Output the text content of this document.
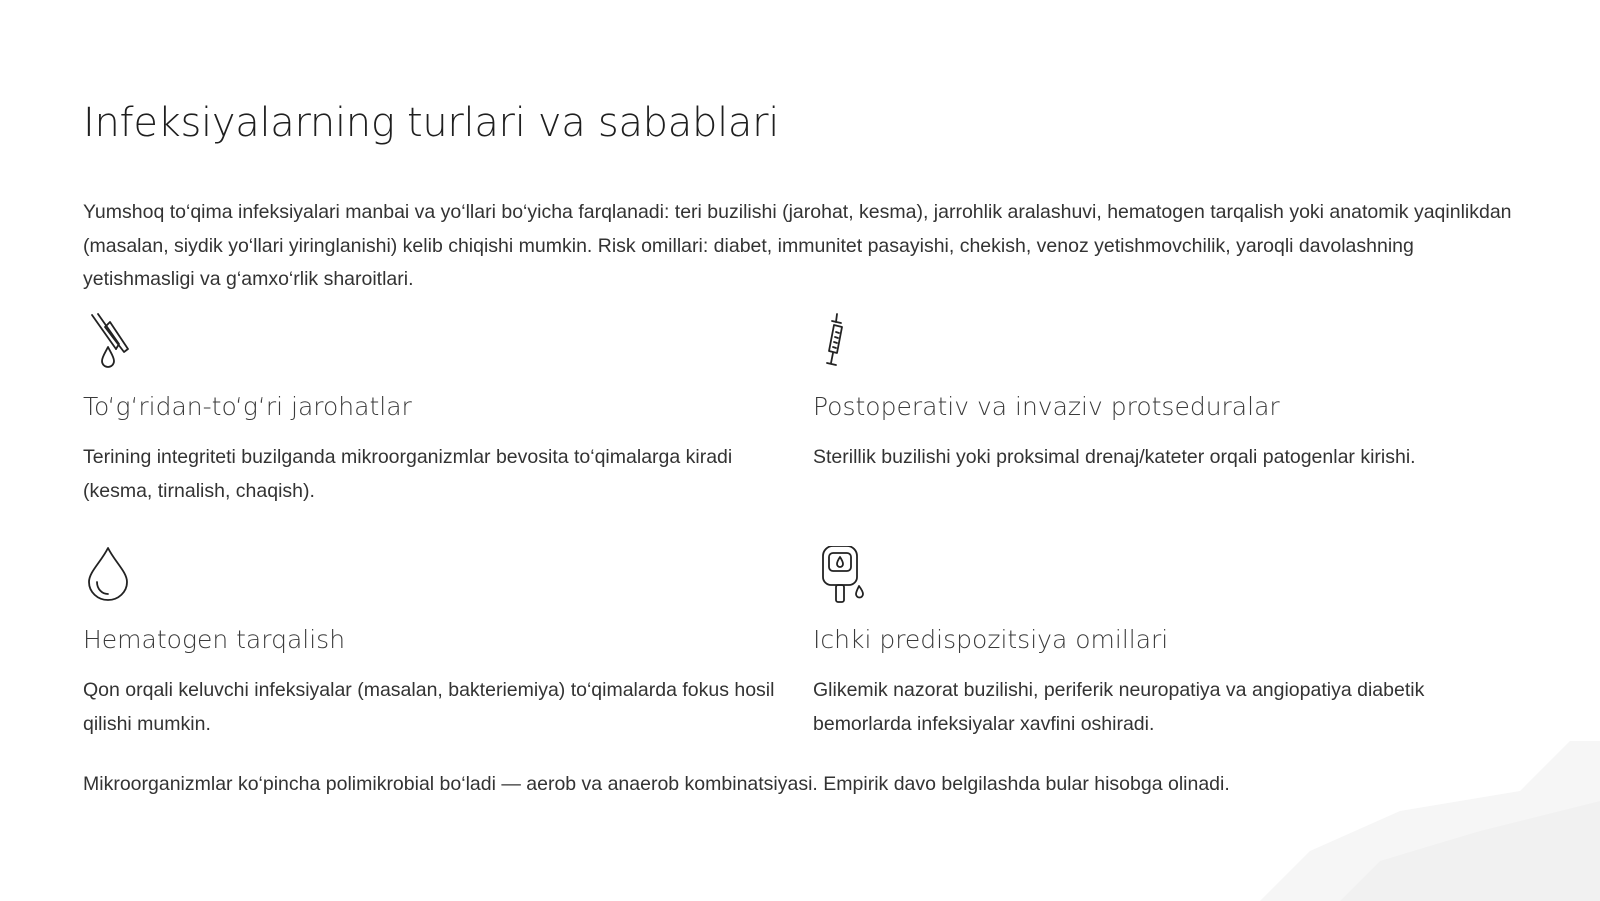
Infeksiyalarning turlari va sabablari

Yumshoq to‘qima infeksiyalari manbai va yo‘llari bo‘yicha farqlanadi: teri buzilishi (jarohat, kesma), jarrohlik aralashuvi, hematogen tarqalish yoki anatomik yaqinlikdan (masalan, siydik yo‘llari yiringlanishi) kelib chiqishi mumkin. Risk omillari: diabet, immunitet pasayishi, chekish, venoz yetishmovchilik, yaroqli davolashning yetishmasligi va g‘amxo‘rlik sharoitlari.

To‘g‘ridan-to‘g‘ri jarohatlar
Terining integriteti buzilganda mikroorganizmlar bevosita to‘qimalarga kiradi (kesma, tirnalish, chaqish).
Postoperativ va invaziv protseduralar
Sterillik buzilishi yoki proksimal drenaj/kateter orqali patogenlar kirishi.
Hematogen tarqalish
Qon orqali keluvchi infeksiyalar (masalan, bakteriemiya) to‘qimalarda fokus hosil qilishi mumkin.
Ichki predispozitsiya omillari
Glikemik nazorat buzilishi, periferik neuropatiya va angiopatiya diabetik bemorlarda infeksiyalar xavfini oshiradi.

Mikroorganizmlar ko‘pincha polimikrobial bo‘ladi — aerob va anaerob kombinatsiyasi. Empirik davo belgilashda bular hisobga olinadi.
